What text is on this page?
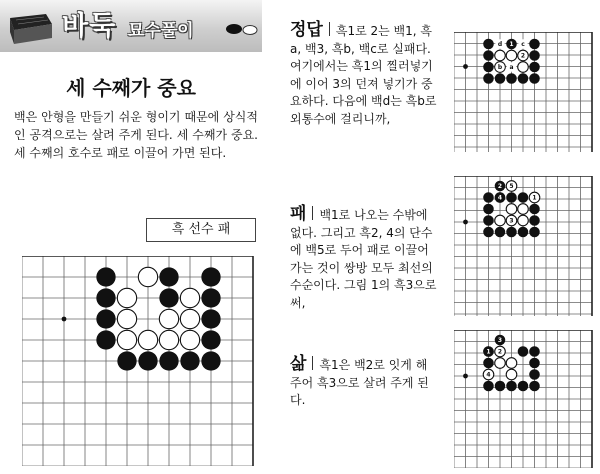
바둑 묘수풀이
세 수째가 중요
백은 안형을 만들기 쉬운 형이기 때문에 상식적인 공격으로는 살려 주게 된다. 세 수째가 중요. 세 수째의 호수로 패로 이끌어 가면 된다.
흑 선수 패
d 1 c
2
b a
2 5
4	1
3
3
1 2
4
정답 흑1로 2는 백1, 흑a, 백3, 흑b, 백c로 실패다. 여기에서는 흑1의 찔러넣기에 이어 3의 던져 넣기가 중요하다. 다음에 백d는 흑b로 외통수에 걸리니까,
패 백1로 나오는 수밖에 없다. 그리고 흑2, 4의 단수에 백5로 두어 패로 이끌어 가는 것이 쌍방 모두 최선의 수순이다. 그림 1의 흑3으로써,
삶 흑1은 백2로 잇게 해 주어 흑3으로 살려 주게 된다.
